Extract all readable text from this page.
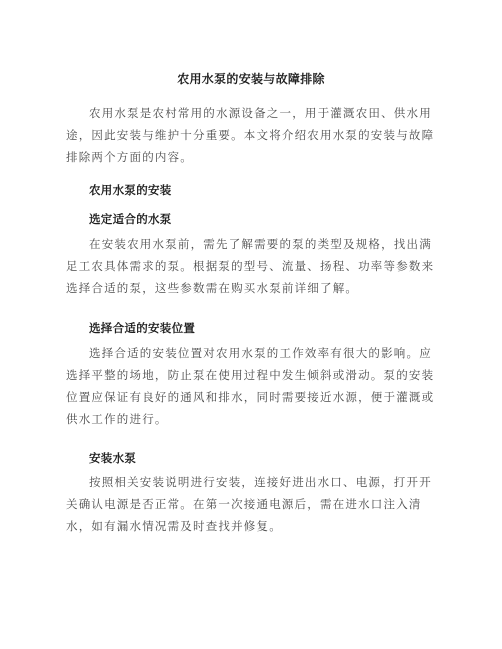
农用水泵的安装与故障排除

农用水泵是农村常用的水源设备之一，用于灌溉农田、供水用途，因此安装与维护十分重要。本文将介绍农用水泵的安装与故障排除两个方面的内容。

农用水泵的安装
选定适合的水泵

在安装农用水泵前，需先了解需要的泵的类型及规格，找出满足工农具体需求的泵。根据泵的型号、流量、扬程、功率等参数来选择合适的泵，这些参数需在购买水泵前详细了解。

选择合适的安装位置

选择合适的安装位置对农用水泵的工作效率有很大的影响。应选择平整的场地，防止泵在使用过程中发生倾斜或滑动。泵的安装位置应保证有良好的通风和排水，同时需要接近水源，便于灌溉或供水工作的进行。

安装水泵

按照相关安装说明进行安装，连接好进出水口、电源，打开开关确认电源是否正常。在第一次接通电源后，需在进水口注入清水，如有漏水情况需及时查找并修复。
